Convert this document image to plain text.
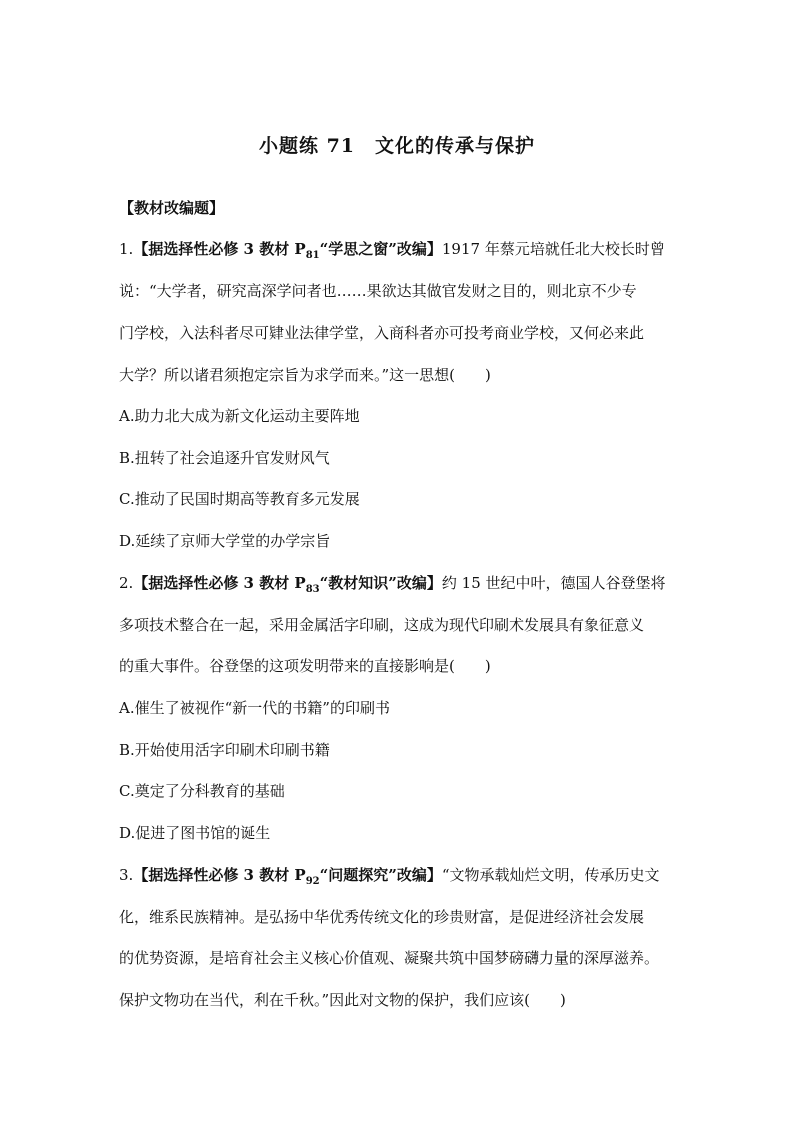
小题练 71　文化的传承与保护
【教材改编题】
1.【据选择性必修 3 教材 $P_{81}“$学思之窗”改编】1917 年蔡元培就任北大校长时曾
说：“大学者，研究高深学问者也……果欲达其做官发财之目的，则北京不少专
门学校，入法科者尽可肄业法律学堂，入商科者亦可投考商业学校，又何必来此
大学？所以诸君须抱定宗旨为求学而来。”这一思想(　　)
A.助力北大成为新文化运动主要阵地
B.扭转了社会追逐升官发财风气
C.推动了民国时期高等教育多元发展
D.延续了京师大学堂的办学宗旨
2.【据选择性必修 3 教材 $P_{83}“$教材知识”改编】约 15 世纪中叶，德国人谷登堡将
多项技术整合在一起，采用金属活字印刷，这成为现代印刷术发展具有象征意义
的重大事件。谷登堡的这项发明带来的直接影响是(　　)
A.催生了被视作“新一代的书籍”的印刷书
B.开始使用活字印刷术印刷书籍
C.奠定了分科教育的基础
D.促进了图书馆的诞生
3.【据选择性必修 3 教材 $P_{92}“$问题探究”改编】“文物承载灿烂文明，传承历史文
化，维系民族精神。是弘扬中华优秀传统文化的珍贵财富，是促进经济社会发展
的优势资源，是培育社会主义核心价值观、凝聚共筑中国梦磅礴力量的深厚滋养。
保护文物功在当代，利在千秋。”因此对文物的保护，我们应该(　　)
